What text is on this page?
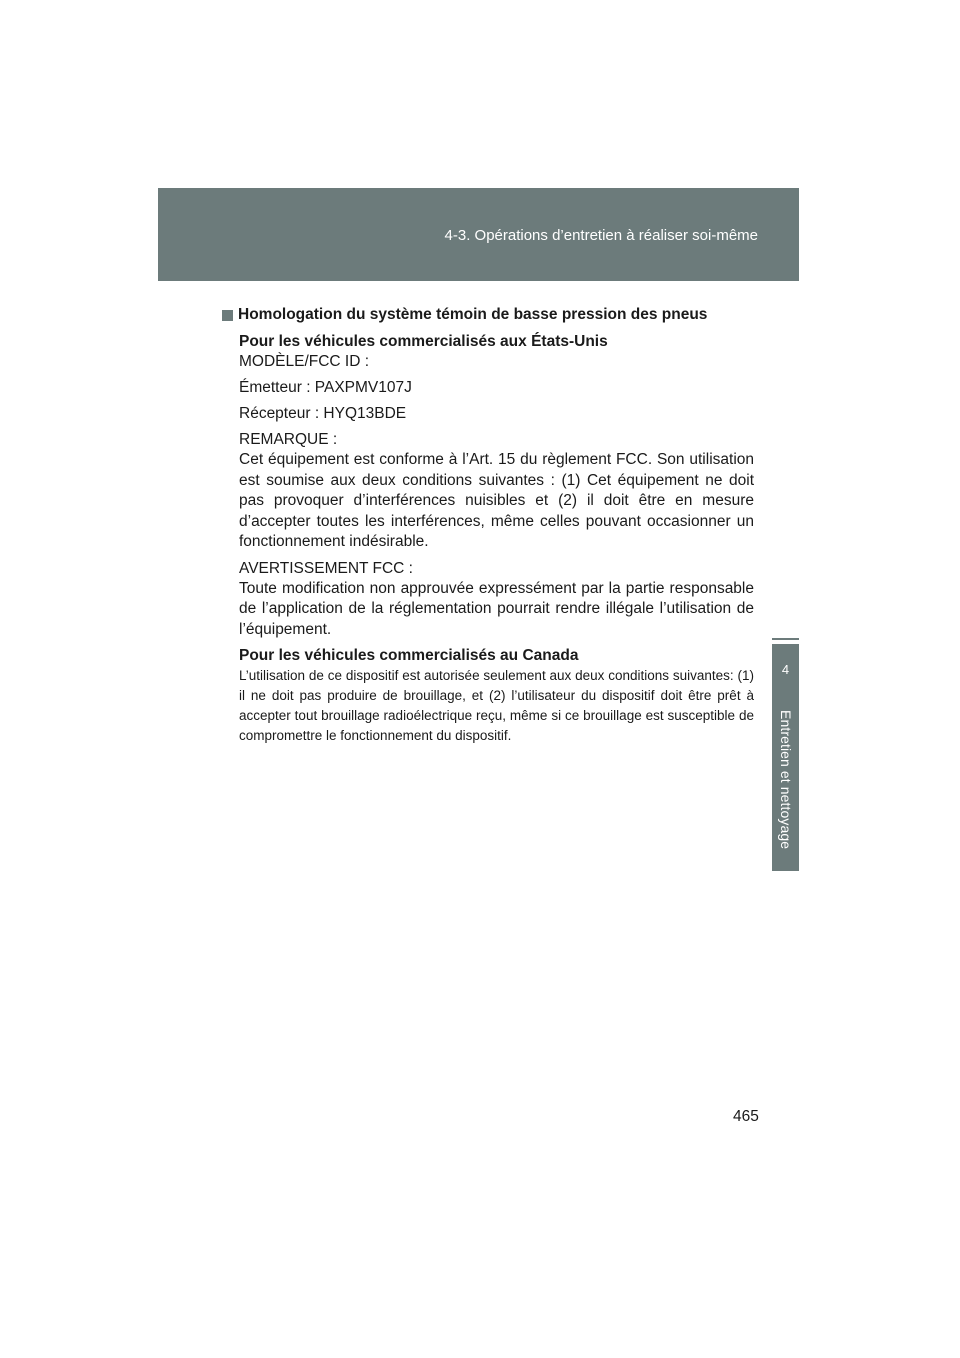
4-3. Opérations d’entretien à réaliser soi-même
4
Entretien et nettoyage
Homologation du système témoin de basse pression des pneus
Pour les véhicules commercialisés aux États-Unis
MODÈLE/FCC ID :
Émetteur : PAXPMV107J
Récepteur : HYQ13BDE
REMARQUE :
Cet équipement est conforme à l’Art. 15 du règlement FCC. Son utilisation est soumise aux deux conditions suivantes : (1) Cet équipement ne doit pas provoquer d’interférences nuisibles et (2) il doit être en mesure d’accepter toutes les interférences, même celles pouvant occasionner un fonctionnement indésirable.
AVERTISSEMENT FCC :
Toute modification non approuvée expressément par la partie responsable de l’application de la réglementation pourrait rendre illégale l’utilisation de l’équipement.
Pour les véhicules commercialisés au Canada
L’utilisation de ce dispositif est autorisée seulement aux deux conditions suivantes: (1) il ne doit pas produire de brouillage, et (2) l’utilisateur du dispositif doit être prêt à accepter tout brouillage radioélectrique reçu, même si ce brouillage est susceptible de compromettre le fonctionnement du dispositif.
465
